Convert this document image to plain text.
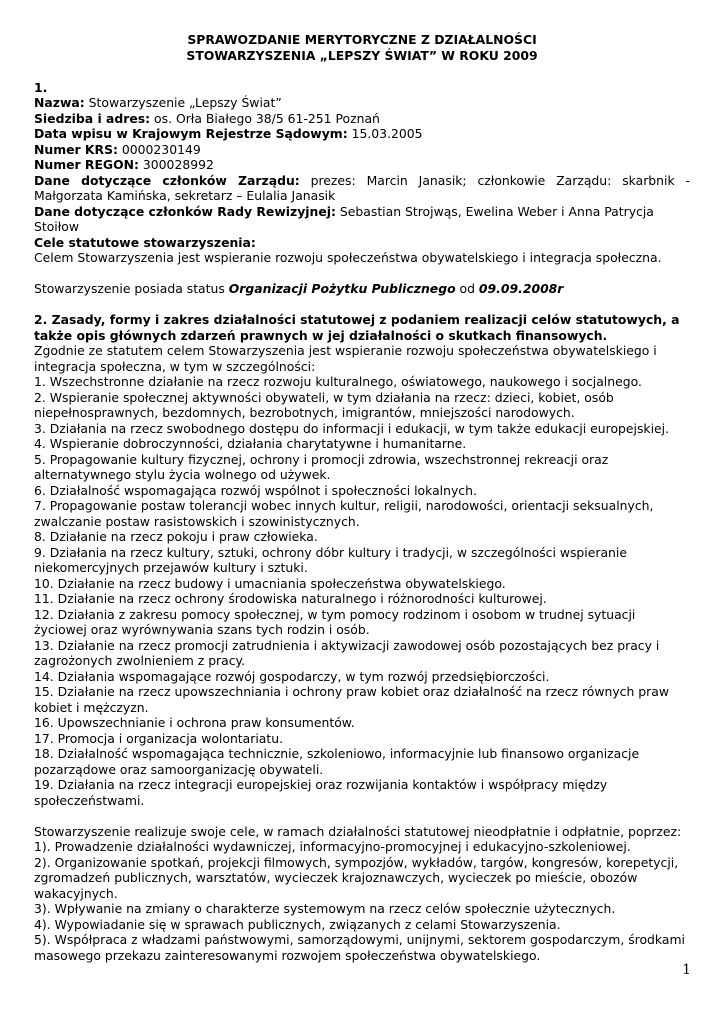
SPRAWOZDANIE MERYTORYCZNE Z DZIAŁALNOŚCI
STOWARZYSZENIA „LEPSZY ŚWIAT” W ROKU 2009

1.

Nazwa: Stowarzyszenie „Lepszy Świat”

Siedziba i adres: os. Orła Białego 38/5 61-251 Poznań

Data wpisu w Krajowym Rejestrze Sądowym: 15.03.2005

Numer KRS: 0000230149

Numer REGON: 300028992

Dane dotyczące członków Zarządu: prezes: Marcin Janasik; członkowie Zarządu: skarbnik - Małgorzata Kamińska, sekretarz – Eulalia Janasik

Dane dotyczące członków Rady Rewizyjnej: Sebastian Strojwąs, Ewelina Weber i Anna Patrycja Stoiłow

Cele statutowe stowarzyszenia:

Celem Stowarzyszenia jest wspieranie rozwoju społeczeństwa obywatelskiego i integracja społeczna.

Stowarzyszenie posiada status Organizacji Pożytku Publicznego od 09.09.2008r

2. Zasady, formy i zakres działalności statutowej z podaniem realizacji celów statutowych, a także opis głównych zdarzeń prawnych w jej działalności o skutkach finansowych.

Zgodnie ze statutem celem Stowarzyszenia jest wspieranie rozwoju społeczeństwa obywatelskiego i integracja społeczna, w tym w szczególności:

1. Wszechstronne działanie na rzecz rozwoju kulturalnego, oświatowego, naukowego i socjalnego.

2. Wspieranie społecznej aktywności obywateli, w tym działania na rzecz: dzieci, kobiet, osób niepełnosprawnych, bezdomnych, bezrobotnych, imigrantów, mniejszości narodowych.

3. Działania na rzecz swobodnego dostępu do informacji i edukacji, w tym także edukacji europejskiej.

4. Wspieranie dobroczynności, działania charytatywne i humanitarne.

5. Propagowanie kultury fizycznej, ochrony i promocji zdrowia, wszechstronnej rekreacji oraz alternatywnego stylu życia wolnego od używek.

6. Działalność wspomagająca rozwój wspólnot i społeczności lokalnych.

7. Propagowanie postaw tolerancji wobec innych kultur, religii, narodowości, orientacji seksualnych, zwalczanie postaw rasistowskich i szowinistycznych.

8. Działanie na rzecz pokoju i praw człowieka.

9. Działania na rzecz kultury, sztuki, ochrony dóbr kultury i tradycji, w szczególności wspieranie niekomercyjnych przejawów kultury i sztuki.

10. Działanie na rzecz budowy i umacniania społeczeństwa obywatelskiego.

11. Działanie na rzecz ochrony środowiska naturalnego i różnorodności kulturowej.

12. Działania z zakresu pomocy społecznej, w tym pomocy rodzinom i osobom w trudnej sytuacji życiowej oraz wyrównywania szans tych rodzin i osób.

13. Działanie na rzecz promocji zatrudnienia i aktywizacji zawodowej osób pozostających bez pracy i zagrożonych zwolnieniem z pracy.

14. Działania wspomagające rozwój gospodarczy, w tym rozwój przedsiębiorczości.

15. Działanie na rzecz upowszechniania i ochrony praw kobiet oraz działalność na rzecz równych praw kobiet i mężczyzn.

16. Upowszechnianie i ochrona praw konsumentów.

17. Promocja i organizacja wolontariatu.

18. Działalność wspomagająca technicznie, szkoleniowo, informacyjnie lub finansowo organizacje pozarządowe oraz samoorganizację obywateli.

19. Działania na rzecz integracji europejskiej oraz rozwijania kontaktów i współpracy między społeczeństwami.

Stowarzyszenie realizuje swoje cele, w ramach działalności statutowej nieodpłatnie i odpłatnie, poprzez:

1). Prowadzenie działalności wydawniczej, informacyjno-promocyjnej i edukacyjno-szkoleniowej.

2). Organizowanie spotkań, projekcji filmowych, sympozjów, wykładów, targów, kongresów, korepetycji, zgromadzeń publicznych, warsztatów, wycieczek krajoznawczych, wycieczek po mieście, obozów wakacyjnych.

3). Wpływanie na zmiany o charakterze systemowym na rzecz celów społecznie użytecznych.

4). Wypowiadanie się w sprawach publicznych, związanych z celami Stowarzyszenia.

5). Współpraca z władzami państwowymi, samorządowymi, unijnymi, sektorem gospodarczym, środkami masowego przekazu zainteresowanymi rozwojem społeczeństwa obywatelskiego.

1
